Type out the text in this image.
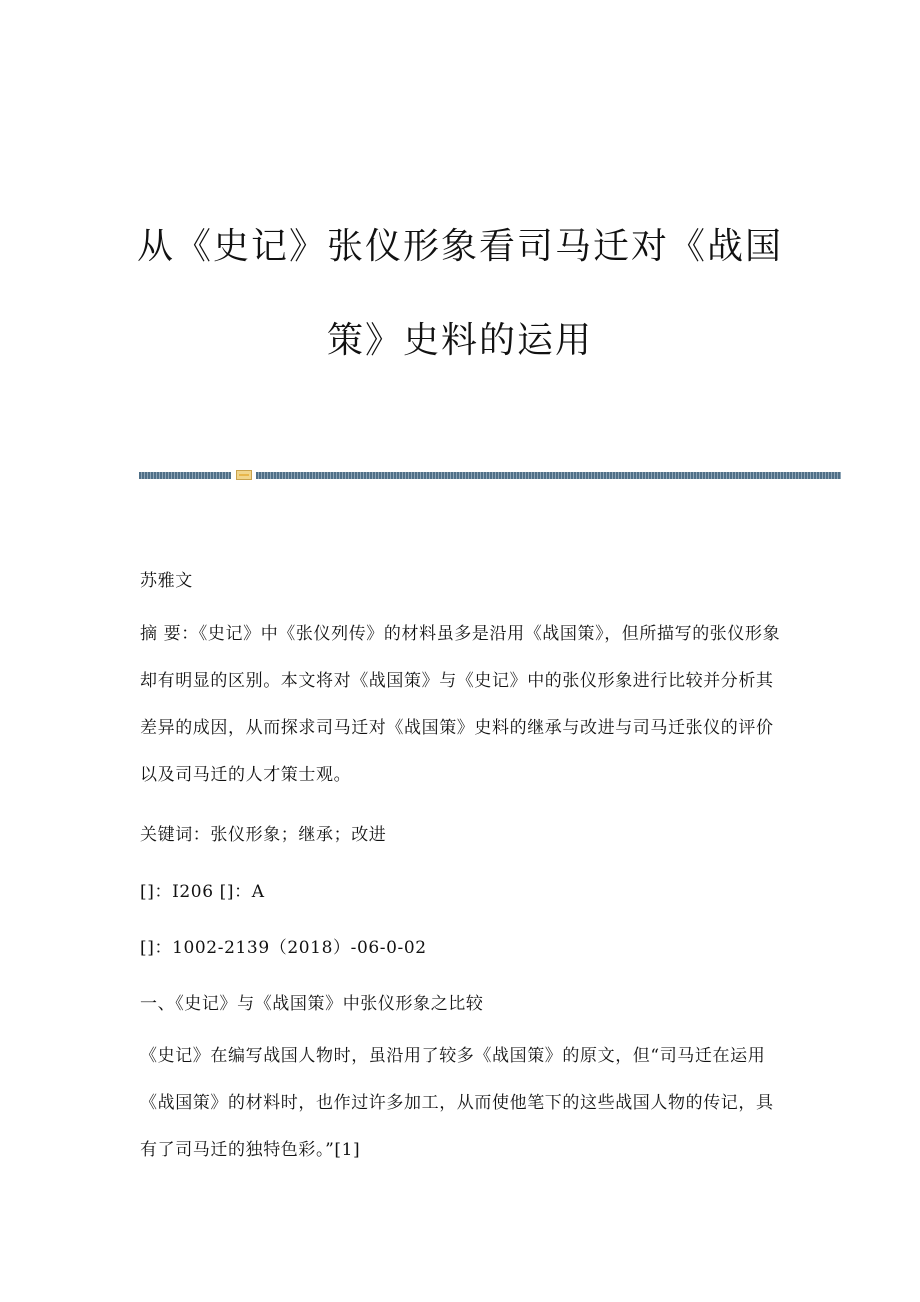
从《史记》张仪形象看司马迁对《战国
策》史料的运用
苏雅文
摘 要：《史记》中《张仪列传》的材料虽多是沿用《战国策》，但所描写的张仪形象却有明显的区别。本文将对《战国策》与《史记》中的张仪形象进行比较并分析其差异的成因，从而探求司马迁对《战国策》史料的继承与改进与司马迁张仪的评价以及司马迁的人才策士观。
关键词：张仪形象；继承；改进
[]：I206 []：A
[]：1002-2139（2018）-06-0-02
一、《史记》与《战国策》中张仪形象之比较
《史记》在编写战国人物时，虽沿用了较多《战国策》的原文，但“司马迁在运用《战国策》的材料时，也作过许多加工，从而使他笔下的这些战国人物的传记，具有了司马迁的独特色彩。”[1]
